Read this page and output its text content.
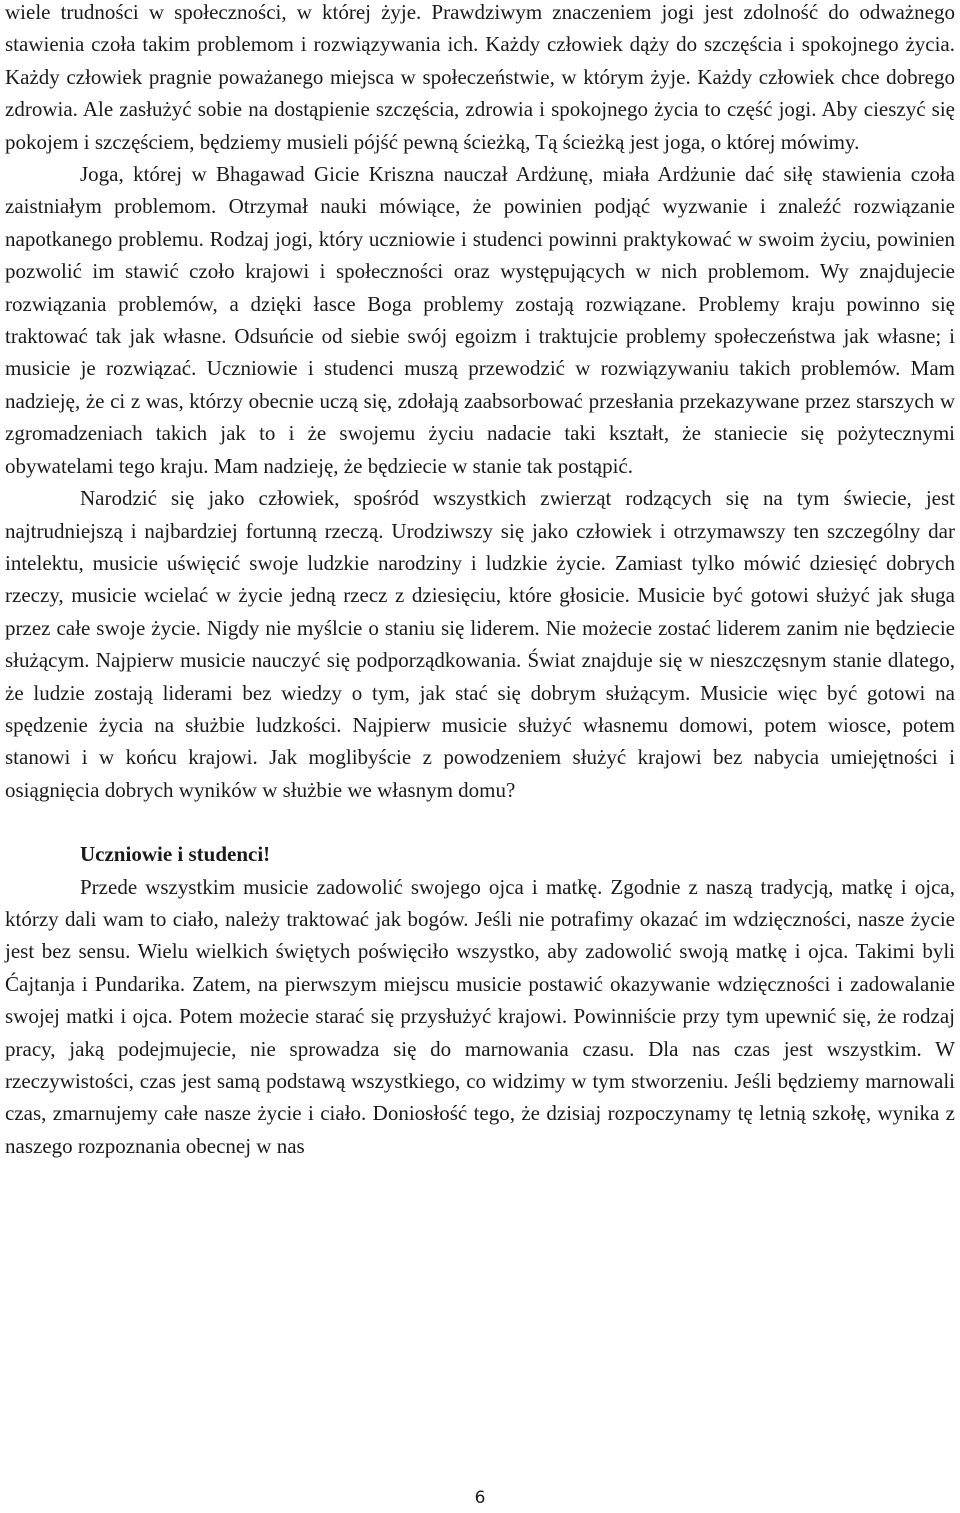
wiele trudności w społeczności, w której żyje. Prawdziwym znaczeniem jogi jest zdolność do odważnego stawienia czoła takim problemom i rozwiązywania ich. Każdy człowiek dąży do szczęścia i spokojnego życia. Każdy człowiek pragnie poważanego miejsca w społeczeństwie, w którym żyje. Każdy człowiek chce dobrego zdrowia. Ale zasłużyć sobie na dostąpienie szczęścia, zdrowia i spokojnego życia to część jogi. Aby cieszyć się pokojem i szczęściem, będziemy musieli pójść pewną ścieżką, Tą ścieżką jest joga, o której mówimy.

Joga, której w Bhagawad Gicie Kriszna nauczał Ardżunę, miała Ardżunie dać siłę stawienia czoła zaistniałym problemom. Otrzymał nauki mówiące, że powinien podjąć wyzwanie i znaleźć rozwiązanie napotkanego problemu. Rodzaj jogi, który uczniowie i studenci powinni praktykować w swoim życiu, powinien pozwolić im stawić czoło krajowi i społeczności oraz występujących w nich problemom. Wy znajdujecie rozwiązania problemów, a dzięki łasce Boga problemy zostają rozwiązane. Problemy kraju powinno się traktować tak jak własne. Odsuńcie od siebie swój egoizm i traktujcie problemy społeczeństwa jak własne; i musicie je rozwiązać. Uczniowie i studenci muszą przewodzić w rozwiązywaniu takich problemów. Mam nadzieję, że ci z was, którzy obecnie uczą się, zdołają zaabsorbować przesłania przekazywane przez starszych w zgromadzeniach takich jak to i że swojemu życiu nadacie taki kształt, że staniecie się pożytecznymi obywatelami tego kraju. Mam nadzieję, że będziecie w stanie tak postąpić.

Narodzić się jako człowiek, spośród wszystkich zwierząt rodzących się na tym świecie, jest najtrudniejszą i najbardziej fortunną rzeczą. Urodziwszy się jako człowiek i otrzymawszy ten szczególny dar intelektu, musicie uświęcić swoje ludzkie narodziny i ludzkie życie. Zamiast tylko mówić dziesięć dobrych rzeczy, musicie wcielać w życie jedną rzecz z dziesięciu, które głosicie. Musicie być gotowi służyć jak sługa przez całe swoje życie. Nigdy nie myślcie o staniu się liderem. Nie możecie zostać liderem zanim nie będziecie służącym. Najpierw musicie nauczyć się podporządkowania. Świat znajduje się w nieszczęsnym stanie dlatego, że ludzie zostają liderami bez wiedzy o tym, jak stać się dobrym służącym. Musicie więc być gotowi na spędzenie życia na służbie ludzkości. Najpierw musicie służyć własnemu domowi, potem wiosce, potem stanowi i w końcu krajowi. Jak moglibyście z powodzeniem służyć krajowi bez nabycia umiejętności i osiągnięcia dobrych wyników w służbie we własnym domu?

Uczniowie i studenci!

Przede wszystkim musicie zadowolić swojego ojca i matkę. Zgodnie z naszą tradycją, matkę i ojca, którzy dali wam to ciało, należy traktować jak bogów. Jeśli nie potrafimy okazać im wdzięczności, nasze życie jest bez sensu. Wielu wielkich świętych poświęciło wszystko, aby zadowolić swoją matkę i ojca. Takimi byli Ćajtanja i Pundarika. Zatem, na pierwszym miejscu musicie postawić okazywanie wdzięczności i zadowalanie swojej matki i ojca. Potem możecie starać się przysłużyć krajowi. Powinniście przy tym upewnić się, że rodzaj pracy, jaką podejmujecie, nie sprowadza się do marnowania czasu. Dla nas czas jest wszystkim. W rzeczywistości, czas jest samą podstawą wszystkiego, co widzimy w tym stworzeniu. Jeśli będziemy marnowali czas, zmarnujemy całe nasze życie i ciało. Doniosłość tego, że dzisiaj rozpoczynamy tę letnią szkołę, wynika z naszego rozpoznania obecnej w nas

6
